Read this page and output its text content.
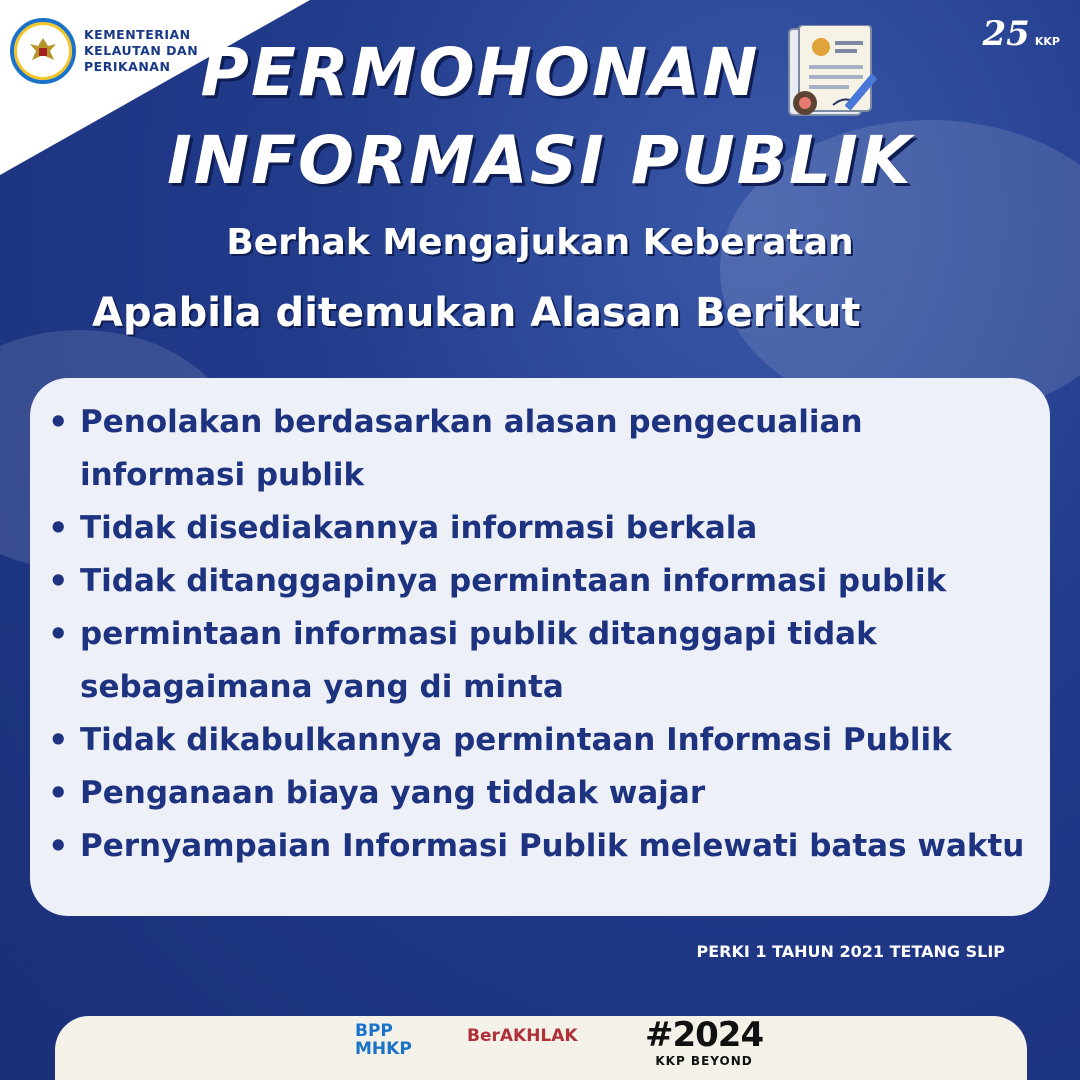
KEMENTERIAN
KELAUTAN DAN
PERIKANAN
25 KKP
PERMOHONAN
INFORMASI PUBLIK
Berhak Mengajukan Keberatan
Apabila ditemukan Alasan Berikut
• Penolakan berdasarkan alasan pengecualian informasi publik
• Tidak disediakannya informasi berkala
• Tidak ditanggapinya permintaan informasi publik
• permintaan informasi publik ditanggapi tidak sebagaimana yang di minta
• Tidak dikabulkannya permintaan Informasi Publik
• Penganaan biaya yang tiddak wajar
• Pernyampaian Informasi Publik melewati batas waktu
PERKI 1 TAHUN 2021 TETANG SLIP
BPP
MHKP
BerAKHLAK #2024
KKP BEYOND
